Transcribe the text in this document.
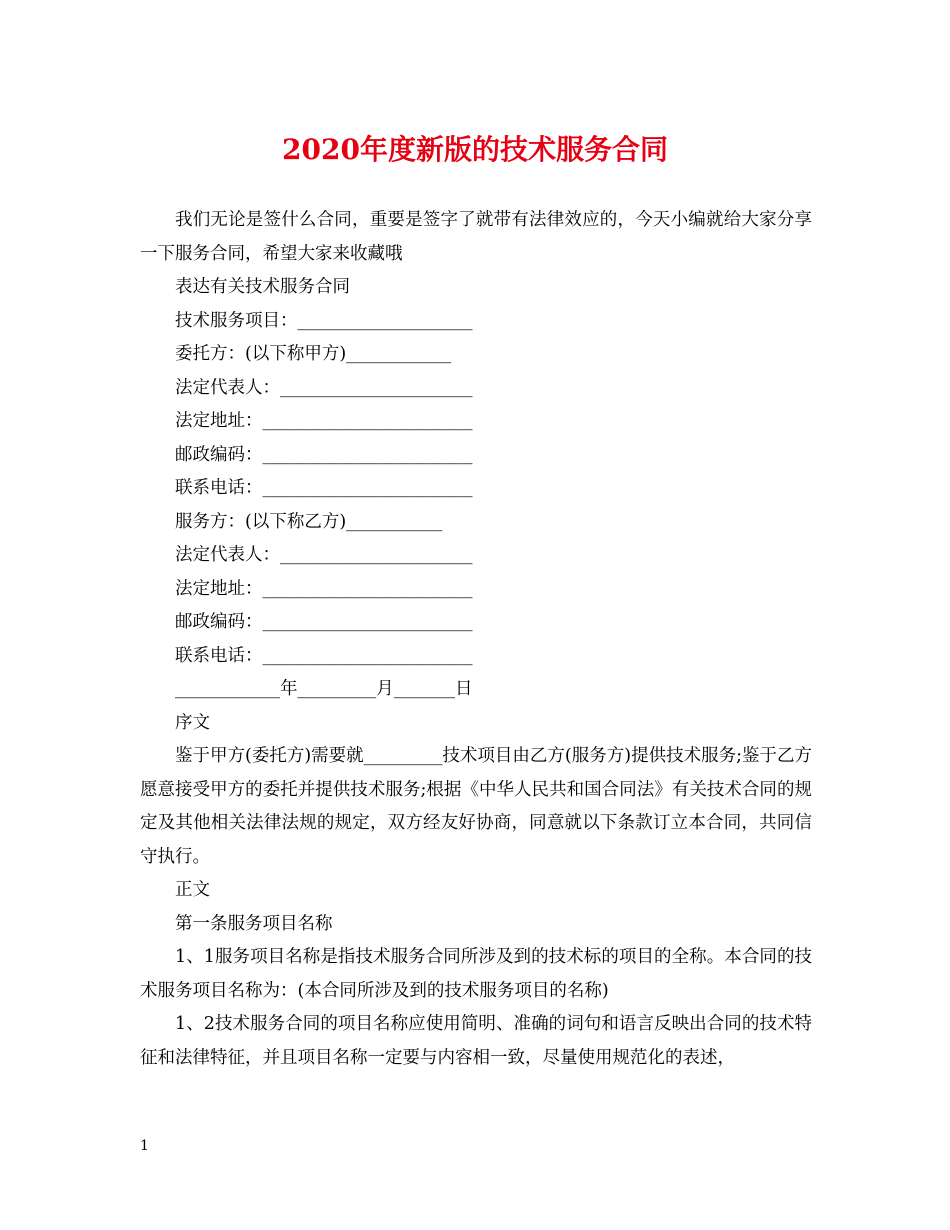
2020年度新版的技术服务合同

我们无论是签什么合同，重要是签字了就带有法律效应的，今天小编就给大家分享一下服务合同，希望大家来收藏哦

表达有关技术服务合同

技术服务项目：____________________

委托方：(以下称甲方)____________

法定代表人：______________________

法定地址：________________________

邮政编码：________________________

联系电话：________________________

服务方：(以下称乙方)___________

法定代表人：______________________

法定地址：________________________

邮政编码：________________________

联系电话：________________________

____________年_________月_______日

序文

鉴于甲方(委托方)需要就_________技术项目由乙方(服务方)提供技术服务;鉴于乙方愿意接受甲方的委托并提供技术服务;根据《中华人民共和国合同法》有关技术合同的规定及其他相关法律法规的规定，双方经友好协商，同意就以下条款订立本合同，共同信守执行。

正文

第一条服务项目名称

1、1服务项目名称是指技术服务合同所涉及到的技术标的项目的全称。本合同的技术服务项目名称为：(本合同所涉及到的技术服务项目的名称)

1、2技术服务合同的项目名称应使用简明、准确的词句和语言反映出合同的技术特征和法律特征，并且项目名称一定要与内容相一致，尽量使用规范化的表述，

1
